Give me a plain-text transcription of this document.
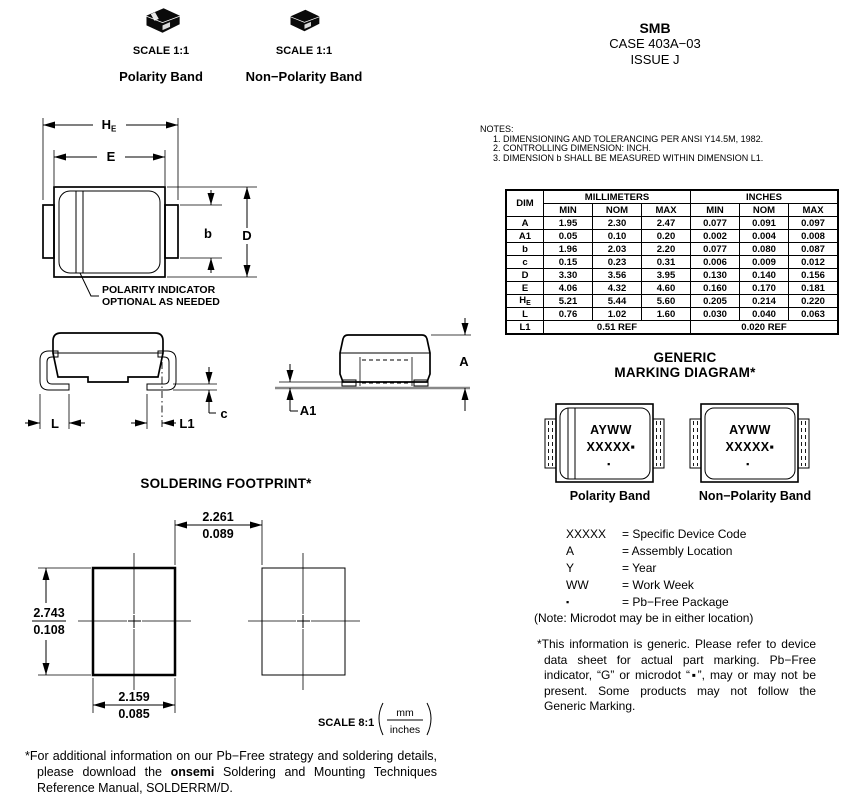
SCALE 1:1
Polarity Band
SCALE 1:1
Non−Polarity Band
SMB
CASE 403A−03
ISSUE J
NOTES:
1. DIMENSIONING AND TOLERANCING PER ANSI Y14.5M, 1982.
2. CONTROLLING DIMENSION: INCH.
3. DIMENSION b SHALL BE MEASURED WITHIN DIMENSION L1.
DIM	MILLIMETERS			INCHES		
	MIN	NOM	MAX	MIN	NOM	MAX
A	1.95	2.30	2.47	0.077	0.091	0.097
A1	0.05	0.10	0.20	0.002	0.004	0.008
b	1.96	2.03	2.20	0.077	0.080	0.087
c	0.15	0.23	0.31	0.006	0.009	0.012
D	3.30	3.56	3.95	0.130	0.140	0.156
E	4.06	4.32	4.60	0.160	0.170	0.181
$H_E$	5.21	5.44	5.60	0.205	0.214	0.220
L	0.76	1.02	1.60	0.030	0.040	0.063
L1	0.51 REF			0.020 REF		
HE
E
b D
POLARITY INDICATOR
OPTIONAL AS NEEDED
L	L1
c
A
A1
SOLDERING FOOTPRINT*
2.261
0.089
2.743
0.108
2.159
0.085
SCALE 8:1
mm
inches
GENERIC
MARKING DIAGRAM*
AYWW
XXXXX▪
▪
AYWW
XXXXX▪
▪
Polarity Band	Non−Polarity Band
XXXXX	= Specific Device Code
A	= Assembly Location
Y	= Year
WW	= Work Week
▪	= Pb−Free Package
(Note: Microdot may be in either location)
*This information is generic. Please refer to device data sheet for actual part marking. Pb−Free indicator, “G” or microdot “▪”, may or may not be present. Some products may not follow the Generic Marking.
*For additional information on our Pb−Free strategy and soldering details, please download the onsemi Soldering and Mounting Techniques Reference Manual, SOLDERRM/D.
